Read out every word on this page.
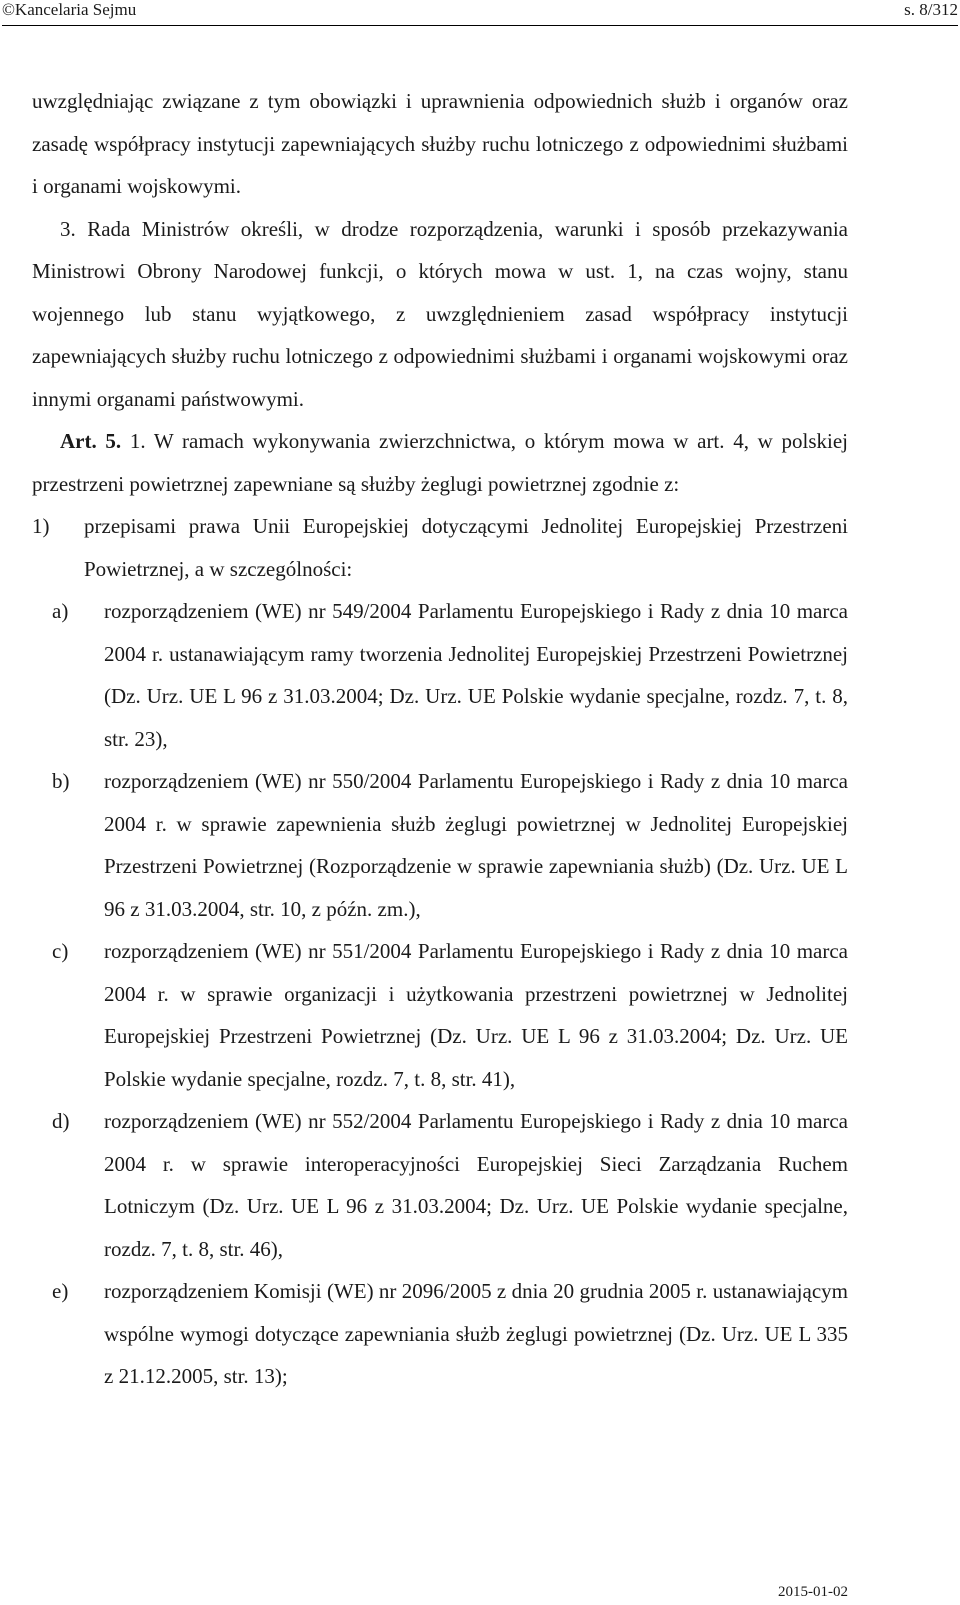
©Kancelaria Sejmu	s. 8/312

uwzględniając związane z tym obowiązki i uprawnienia odpowiednich służb i organów oraz zasadę współpracy instytucji zapewniających służby ruchu lotniczego z odpowiednimi służbami i organami wojskowymi.

3. Rada Ministrów określi, w drodze rozporządzenia, warunki i sposób przekazywania Ministrowi Obrony Narodowej funkcji, o których mowa w ust. 1, na czas wojny, stanu wojennego lub stanu wyjątkowego, z uwzględnieniem zasad współpracy instytucji zapewniających służby ruchu lotniczego z odpowiednimi służbami i organami wojskowymi oraz innymi organami państwowymi.

Art. 5. 1. W ramach wykonywania zwierzchnictwa, o którym mowa w art. 4, w polskiej przestrzeni powietrznej zapewniane są służby żeglugi powietrznej zgodnie z:

1)	przepisami prawa Unii Europejskiej dotyczącymi Jednolitej Europejskiej Przestrzeni Powietrznej, a w szczególności:
a)	rozporządzeniem (WE) nr 549/2004 Parlamentu Europejskiego i Rady z dnia 10 marca 2004 r. ustanawiającym ramy tworzenia Jednolitej Europejskiej Przestrzeni Powietrznej (Dz. Urz. UE L 96 z 31.03.2004; Dz. Urz. UE Polskie wydanie specjalne, rozdz. 7, t. 8, str. 23),
b)	rozporządzeniem (WE) nr 550/2004 Parlamentu Europejskiego i Rady z dnia 10 marca 2004 r. w sprawie zapewnienia służb żeglugi powietrznej w Jednolitej Europejskiej Przestrzeni Powietrznej (Rozporządzenie w sprawie zapewniania służb) (Dz. Urz. UE L 96 z 31.03.2004, str. 10, z późn. zm.),
c)	rozporządzeniem (WE) nr 551/2004 Parlamentu Europejskiego i Rady z dnia 10 marca 2004 r. w sprawie organizacji i użytkowania przestrzeni powietrznej w Jednolitej Europejskiej Przestrzeni Powietrznej (Dz. Urz. UE L 96 z 31.03.2004; Dz. Urz. UE Polskie wydanie specjalne, rozdz. 7, t. 8, str. 41),
d)	rozporządzeniem (WE) nr 552/2004 Parlamentu Europejskiego i Rady z dnia 10 marca 2004 r. w sprawie interoperacyjności Europejskiej Sieci Zarządzania Ruchem Lotniczym (Dz. Urz. UE L 96 z 31.03.2004; Dz. Urz. UE Polskie wydanie specjalne, rozdz. 7, t. 8, str. 46),
e)	rozporządzeniem Komisji (WE) nr 2096/2005 z dnia 20 grudnia 2005 r. ustanawiającym wspólne wymogi dotyczące zapewniania służb żeglugi powietrznej (Dz. Urz. UE L 335 z 21.12.2005, str. 13);
2015-01-02
